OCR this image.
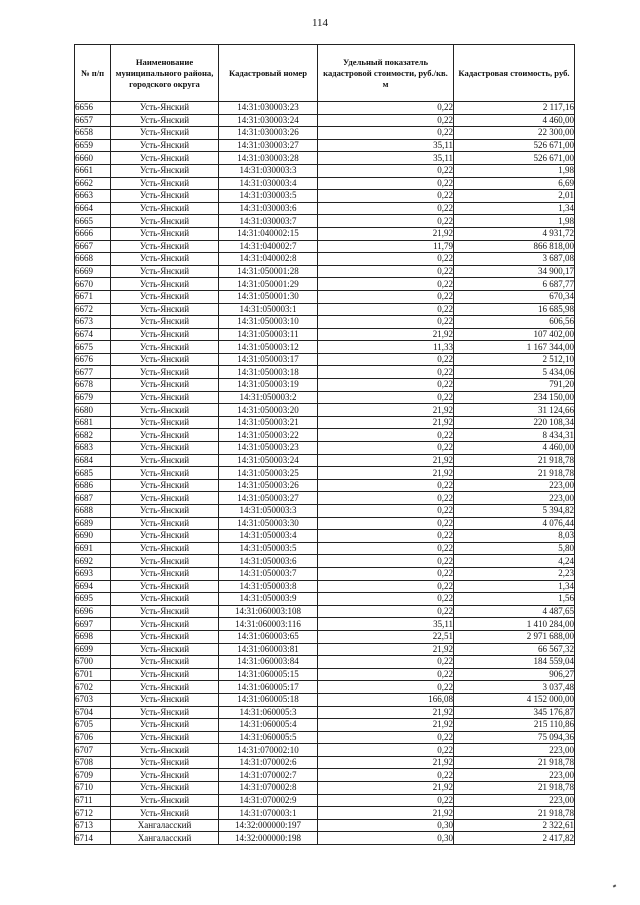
114
№ п/п	Наименование муниципального района, городского округа	Кадастровый номер	Удельный показатель кадастровой стоимости, руб./кв. м	Кадастровая стоимость, руб.
6656	Усть-Янский	14:31:030003:23	0,22	2 117,16
6657	Усть-Янский	14:31:030003:24	0,22	4 460,00
6658	Усть-Янский	14:31:030003:26	0,22	22 300,00
6659	Усть-Янский	14:31:030003:27	35,11	526 671,00
6660	Усть-Янский	14:31:030003:28	35,11	526 671,00
6661	Усть-Янский	14:31:030003:3	0,22	1,98
6662	Усть-Янский	14:31:030003:4	0,22	6,69
6663	Усть-Янский	14:31:030003:5	0,22	2,01
6664	Усть-Янский	14:31:030003:6	0,22	1,34
6665	Усть-Янский	14:31:030003:7	0,22	1,98
6666	Усть-Янский	14:31:040002:15	21,92	4 931,72
6667	Усть-Янский	14:31:040002:7	11,79	866 818,00
6668	Усть-Янский	14:31:040002:8	0,22	3 687,08
6669	Усть-Янский	14:31:050001:28	0,22	34 900,17
6670	Усть-Янский	14:31:050001:29	0,22	6 687,77
6671	Усть-Янский	14:31:050001:30	0,22	670,34
6672	Усть-Янский	14:31:050003:1	0,22	16 685,98
6673	Усть-Янский	14:31:050003:10	0,22	606,56
6674	Усть-Янский	14:31:050003:11	21,92	107 402,00
6675	Усть-Янский	14:31:050003:12	11,33	1 167 344,00
6676	Усть-Янский	14:31:050003:17	0,22	2 512,10
6677	Усть-Янский	14:31:050003:18	0,22	5 434,06
6678	Усть-Янский	14:31:050003:19	0,22	791,20
6679	Усть-Янский	14:31:050003:2	0,22	234 150,00
6680	Усть-Янский	14:31:050003:20	21,92	31 124,66
6681	Усть-Янский	14:31:050003:21	21,92	220 108,34
6682	Усть-Янский	14:31:050003:22	0,22	8 434,31
6683	Усть-Янский	14:31:050003:23	0,22	4 460,00
6684	Усть-Янский	14:31:050003:24	21,92	21 918,78
6685	Усть-Янский	14:31:050003:25	21,92	21 918,78
6686	Усть-Янский	14:31:050003:26	0,22	223,00
6687	Усть-Янский	14:31:050003:27	0,22	223,00
6688	Усть-Янский	14:31:050003:3	0,22	5 394,82
6689	Усть-Янский	14:31:050003:30	0,22	4 076,44
6690	Усть-Янский	14:31:050003:4	0,22	8,03
6691	Усть-Янский	14:31:050003:5	0,22	5,80
6692	Усть-Янский	14:31:050003:6	0,22	4,24
6693	Усть-Янский	14:31:050003:7	0,22	2,23
6694	Усть-Янский	14:31:050003:8	0,22	1,34
6695	Усть-Янский	14:31:050003:9	0,22	1,56
6696	Усть-Янский	14:31:060003:108	0,22	4 487,65
6697	Усть-Янский	14:31:060003:116	35,11	1 410 284,00
6698	Усть-Янский	14:31:060003:65	22,51	2 971 688,00
6699	Усть-Янский	14:31:060003:81	21,92	66 567,32
6700	Усть-Янский	14:31:060003:84	0,22	184 559,04
6701	Усть-Янский	14:31:060005:15	0,22	906,27
6702	Усть-Янский	14:31:060005:17	0,22	3 037,48
6703	Усть-Янский	14:31:060005:18	166,08	4 152 000,00
6704	Усть-Янский	14:31:060005:3	21,92	345 176,87
6705	Усть-Янский	14:31:060005:4	21,92	215 110,86
6706	Усть-Янский	14:31:060005:5	0,22	75 094,36
6707	Усть-Янский	14:31:070002:10	0,22	223,00
6708	Усть-Янский	14:31:070002:6	21,92	21 918,78
6709	Усть-Янский	14:31:070002:7	0,22	223,00
6710	Усть-Янский	14:31:070002:8	21,92	21 918,78
6711	Усть-Янский	14:31:070002:9	0,22	223,00
6712	Усть-Янский	14:31:070003:1	21,92	21 918,78
6713	Хангаласский	14:32:000000:197	0,30	2 322,61
6714	Хангаласский	14:32:000000:198	0,30	2 417,82
